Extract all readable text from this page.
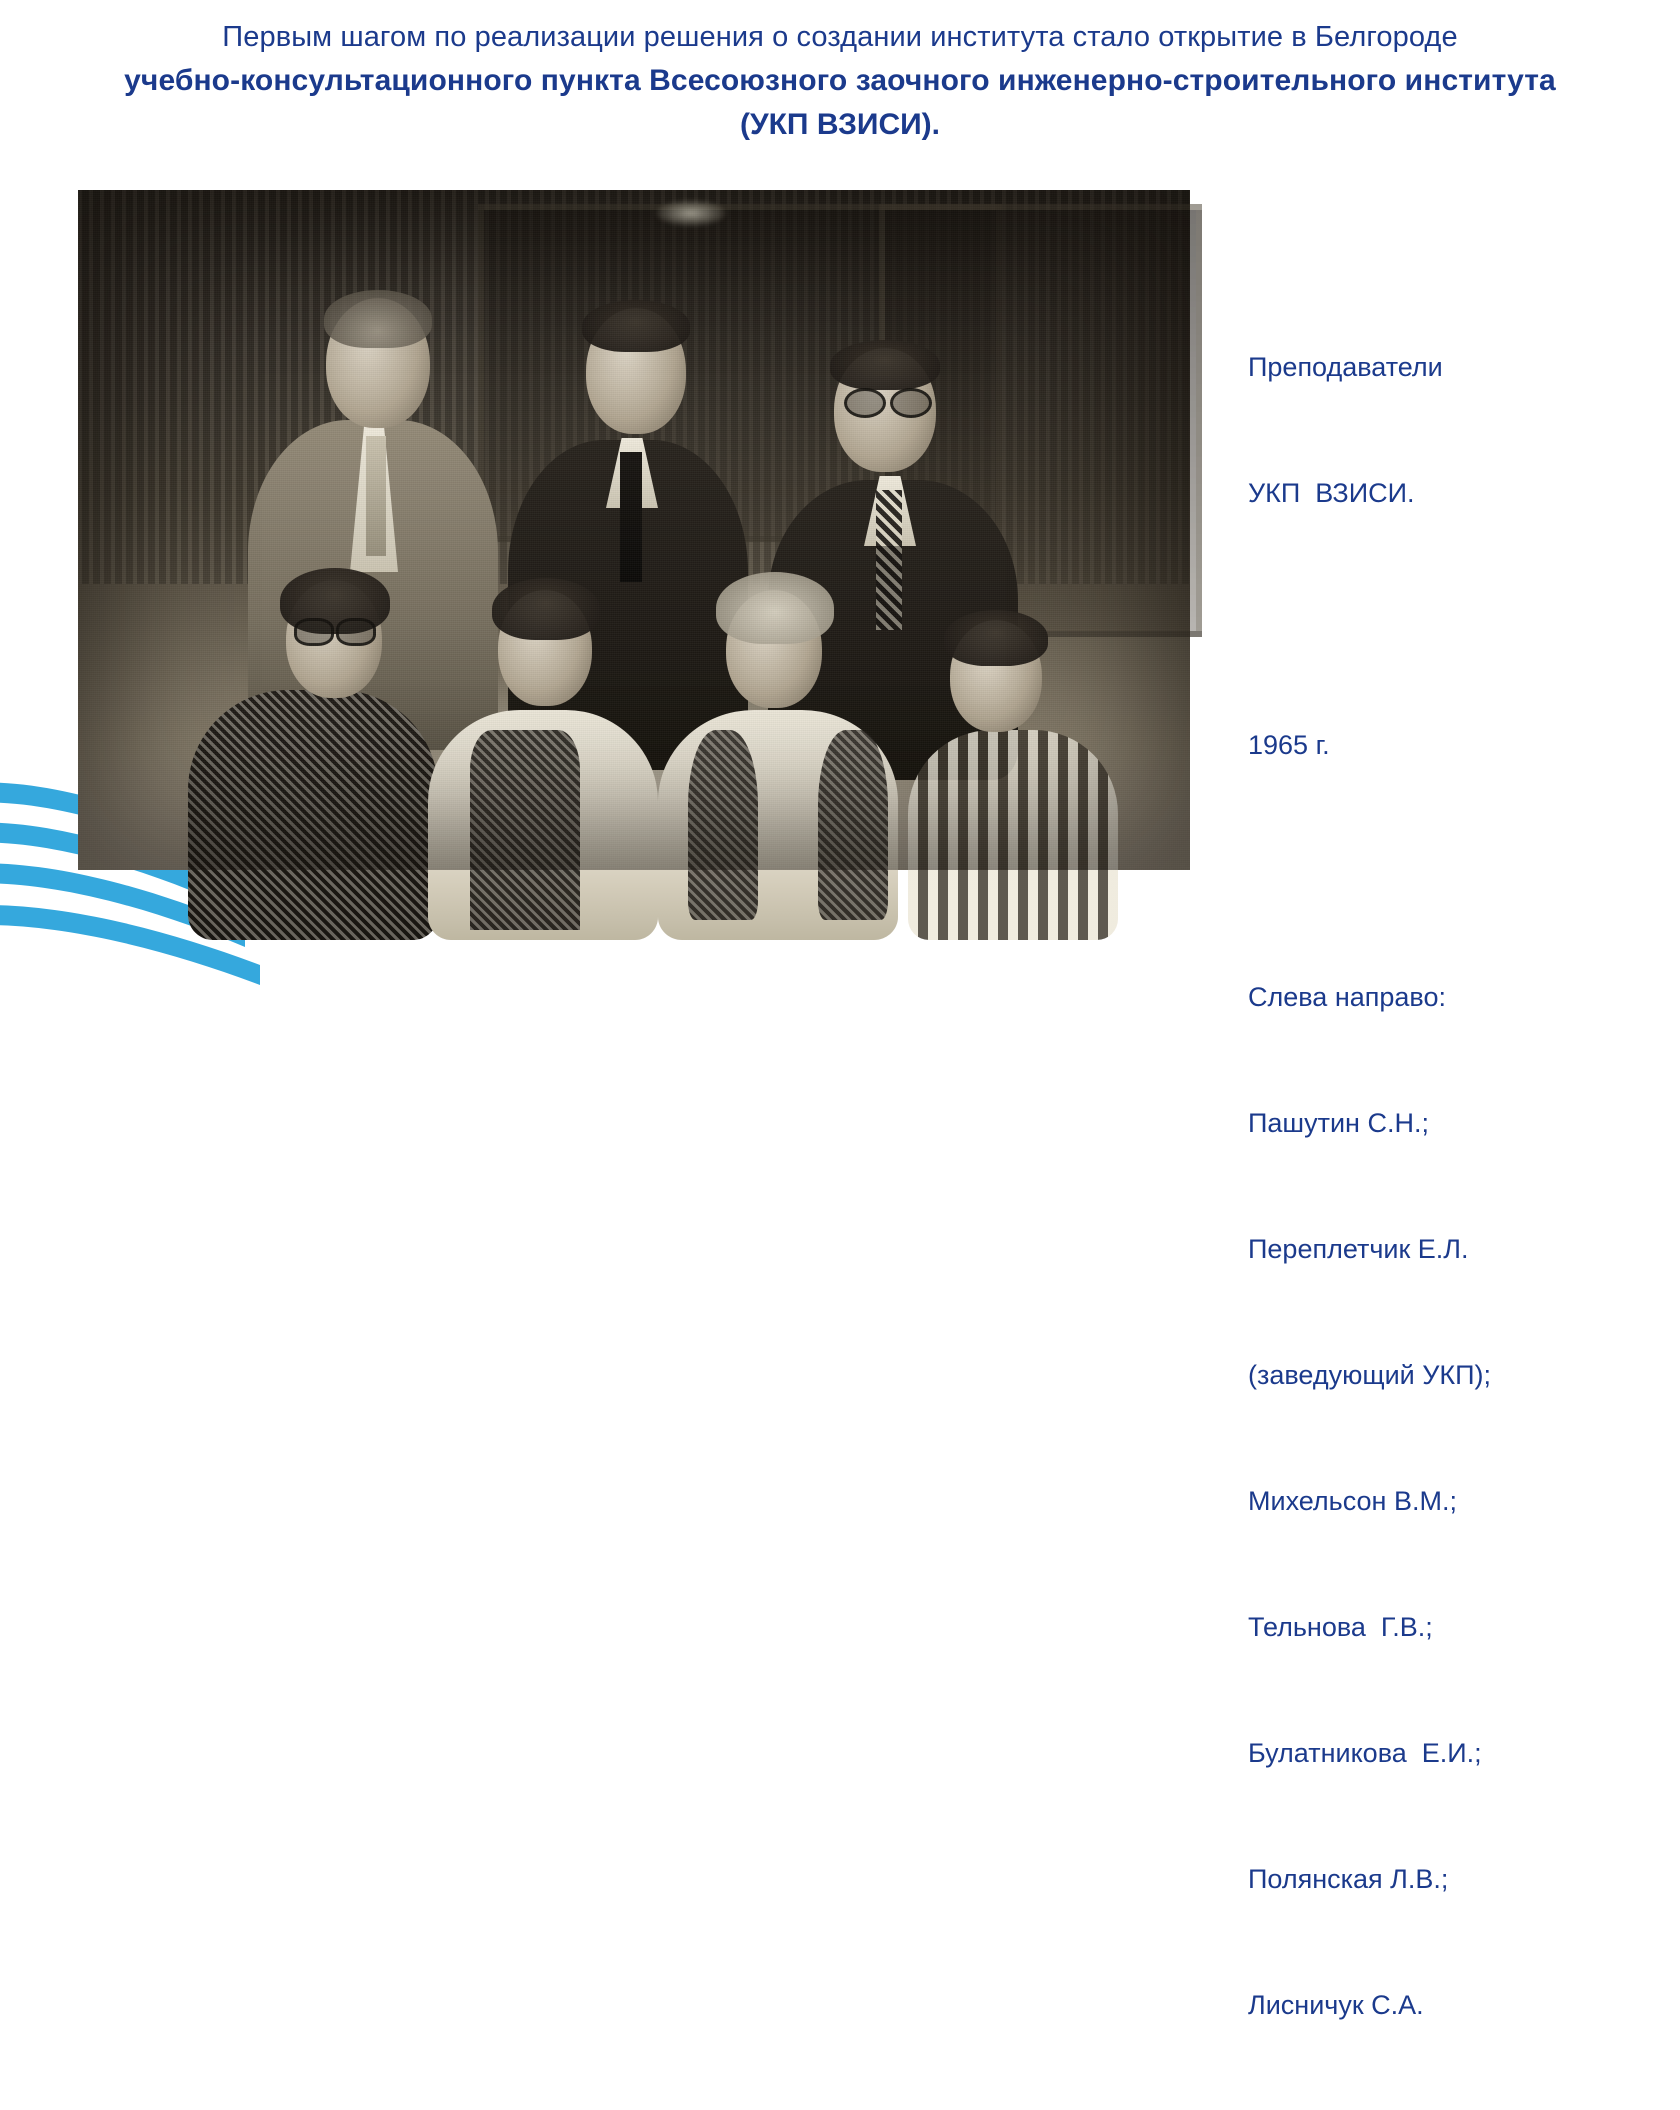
Первым шагом по реализации решения о создании института стало открытие в Белгороде
учебно-консультационного пункта Всесоюзного заочного инженерно-строительного института
(УКП ВЗИСИ).

Преподаватели

УКП  ВЗИСИ.

1965 г.

Слева направо:

Пашутин С.Н.;

Переплетчик Е.Л.

(заведующий УКП);

Михельсон В.М.;

Тельнова  Г.В.;

Булатникова  Е.И.;

Полянская Л.В.;

Лисничук С.А.
